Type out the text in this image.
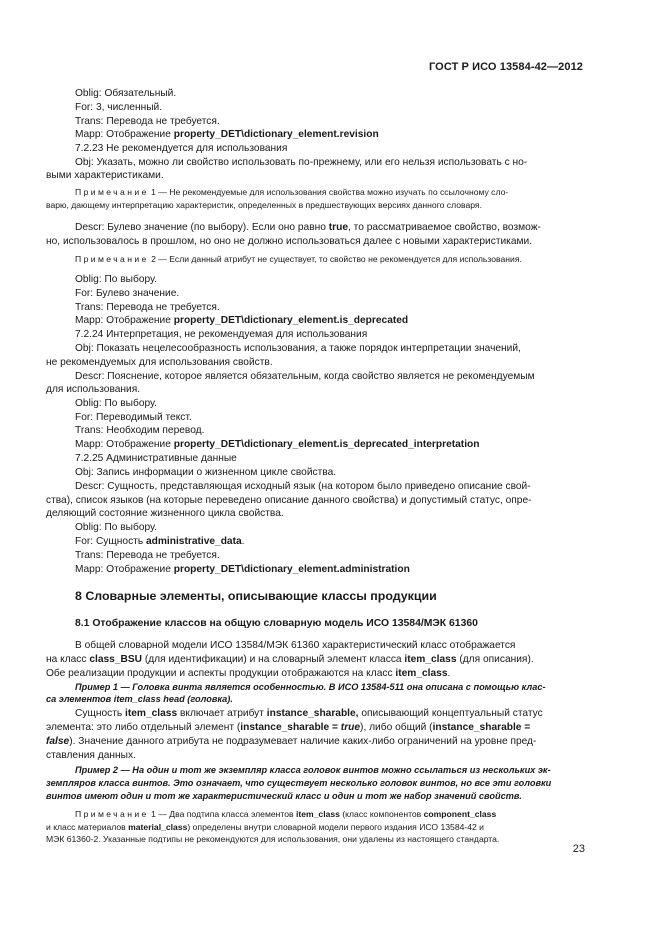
ГОСТ Р ИСО 13584-42—2012
Oblig: Обязательный.
For: 3, численный.
Trans: Перевода не требуется.
Mapp: Отображение property_DET\dictionary_element.revision
7.2.23 Не рекомендуется для использования
Obj: Указать, можно ли свойство использовать по-прежнему, или его нельзя использовать с но-
выми характеристиками.
Примечание 1 — Не рекомендуемые для использования свойства можно изучать по ссылочному сло-
варю, дающему интерпретацию характеристик, определенных в предшествующих версиях данного словаря.
Descr: Булево значение (по выбору). Если оно равно true, то рассматриваемое свойство, возмож-
но, использовалось в прошлом, но оно не должно использоваться далее с новыми характеристиками.
Примечание 2 — Если данный атрибут не существует, то свойство не рекомендуется для использования.
Oblig: По выбору.
For: Булево значение.
Trans: Перевода не требуется.
Mapp: Отображение property_DET\dictionary_element.is_deprecated
7.2.24 Интерпретация, не рекомендуемая для использования
Obj: Показать нецелесообразность использования, а также порядок интерпретации значений,
не рекомендуемых для использования свойств.
Descr: Пояснение, которое является обязательным, когда свойство является не рекомендуемым
для использования.
Oblig: По выбору.
For: Переводимый текст.
Trans: Необходим перевод.
Mapp: Отображение property_DET\dictionary_element.is_deprecated_interpretation
7.2.25 Административные данные
Obj: Запись информации о жизненном цикле свойства.
Descr: Сущность, представляющая исходный язык (на котором было приведено описание свой-
ства), список языков (на которые переведено описание данного свойства) и допустимый статус, опре-
деляющий состояние жизненного цикла свойства.
Oblig: По выбору.
For: Сущность administrative_data.
Trans: Перевода не требуется.
Mapp: Отображение property_DET\dictionary_element.administration
8 Словарные элементы, описывающие классы продукции
8.1 Отображение классов на общую словарную модель ИСО 13584/МЭК 61360
В общей словарной модели ИСО 13584/МЭК 61360 характеристический класс отображается
на класс class_BSU (для идентификации) и на словарный элемент класса item_class (для описания).
Обе реализации продукции и аспекты продукции отображаются на класс item_class.
Пример 1 — Головка винта является особенностью. В ИСО 13584-511 она описана с помощью клас-
са элементов item_class head (головка).
Сущность item_class включает атрибут instance_sharable, описывающий концептуальный статус
элемента: это либо отдельный элемент (instance_sharable = true), либо общий (instance_sharable =
false). Значение данного атрибута не подразумевает наличие каких-либо ограничений на уровне пред-
ставления данных.
Пример 2 — На один и тот же экземпляр класса головок винтов можно ссылаться из нескольких эк-
земпляров класса винтов. Это означает, что существует несколько головок винтов, но все эти головки
винтов имеют один и тот же характеристический класс и один и тот же набор значений свойств.
Примечание 1 — Два подтипа класса элементов item_class (класс компонентов component_class
и класс материалов material_class) определены внутри словарной модели первого издания ИСО 13584-42 и
МЭК 61360-2. Указанные подтипы не рекомендуются для использования, они удалены из настоящего стандарта.
23
